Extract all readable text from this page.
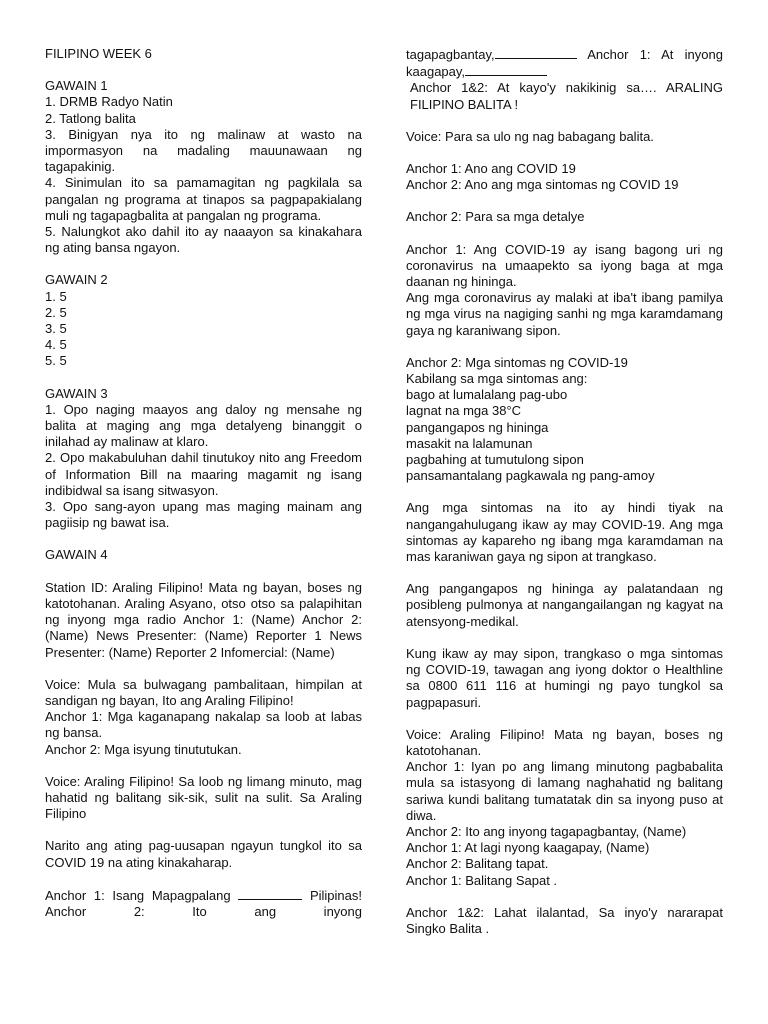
FILIPINO WEEK 6
GAWAIN 1
1. DRMB Radyo Natin
2. Tatlong balita
3. Binigyan nya ito ng malinaw at wasto na impormasyon na madaling mauunawaan ng tagapakinig.
4. Sinimulan ito sa pamamagitan ng pagkilala sa pangalan ng programa at tinapos sa pagpapakialang muli ng tagapagbalita at pangalan ng programa.
5. Nalungkot ako dahil ito ay naaayon sa kinakahara ng ating bansa ngayon.
GAWAIN 2
1. 5
2. 5
3. 5
4. 5
5. 5
GAWAIN 3
1. Opo naging maayos ang daloy ng mensahe ng balita at maging ang mga detalyeng binanggit o inilahad ay malinaw at klaro.
2. Opo makabuluhan dahil tinutukoy nito ang Freedom of Information Bill na maaring magamit ng isang indibidwal sa isang sitwasyon.
3. Opo sang-ayon upang mas maging mainam ang pagiisip ng bawat isa.
GAWAIN 4
Station ID: Araling Filipino! Mata ng bayan, boses ng katotohanan. Araling Asyano, otso otso sa palapihitan ng inyong mga radio Anchor 1: (Name) Anchor 2: (Name) News Presenter: (Name) Reporter 1 News Presenter: (Name) Reporter 2 Infomercial: (Name)
Voice: Mula sa bulwagang pambalitaan, himpilan at sandigan ng bayan, Ito ang Araling Filipino!
Anchor 1: Mga kaganapang nakalap sa loob at labas ng bansa.
Anchor 2: Mga isyung tinututukan.
Voice: Araling Filipino! Sa loob ng limang minuto, mag hahatid ng balitang sik-sik, sulit na sulit. Sa Araling Filipino
Narito ang ating pag-uusapan ngayun tungkol ito sa COVID 19 na ating kinakaharap.
Anchor 1: Isang Mapagpalang	Pilipinas! Anchor 2: Ito ang inyong
tagapagbantay,	Anchor 1: At inyong kaagapay,
Anchor 1&2: At kayo'y nakikinig sa…. ARALING FILIPINO BALITA !
Voice: Para sa ulo ng nag babagang balita.
Anchor 1: Ano ang COVID 19
Anchor 2: Ano ang mga sintomas ng COVID 19
Anchor 2: Para sa mga detalye
Anchor 1: Ang COVID-19 ay isang bagong uri ng coronavirus na umaapekto sa iyong baga at mga daanan ng hininga.
Ang mga coronavirus ay malaki at iba't ibang pamilya ng mga virus na nagiging sanhi ng mga karamdamang gaya ng karaniwang sipon.
Anchor 2: Mga sintomas ng COVID-19
Kabilang sa mga sintomas ang:
bago at lumalalang pag-ubo
lagnat na mga 38°C
pangangapos ng hininga
masakit na lalamunan
pagbahing at tumutulong sipon
pansamantalang pagkawala ng pang-amoy
Ang mga sintomas na ito ay hindi tiyak na nangangahulugang ikaw ay may COVID-19. Ang mga sintomas ay kapareho ng ibang mga karamdaman na mas karaniwan gaya ng sipon at trangkaso.
Ang pangangapos ng hininga ay palatandaan ng posibleng pulmonya at nangangailangan ng kagyat na atensyong-medikal.
Kung ikaw ay may sipon, trangkaso o mga sintomas ng COVID-19, tawagan ang iyong doktor o Healthline sa 0800 611 116 at humingi ng payo tungkol sa pagpapasuri.
Voice: Araling Filipino! Mata ng bayan, boses ng katotohanan.
Anchor 1: Iyan po ang limang minutong pagbabalita mula sa istasyong di lamang naghahatid ng balitang sariwa kundi balitang tumatatak din sa inyong puso at diwa.
Anchor 2: Ito ang inyong tagapagbantay, (Name)
Anchor 1: At lagi nyong kaagapay, (Name)
Anchor 2: Balitang tapat.
Anchor 1: Balitang Sapat .
Anchor 1&2: Lahat ilalantad, Sa inyo'y nararapat Singko Balita .
